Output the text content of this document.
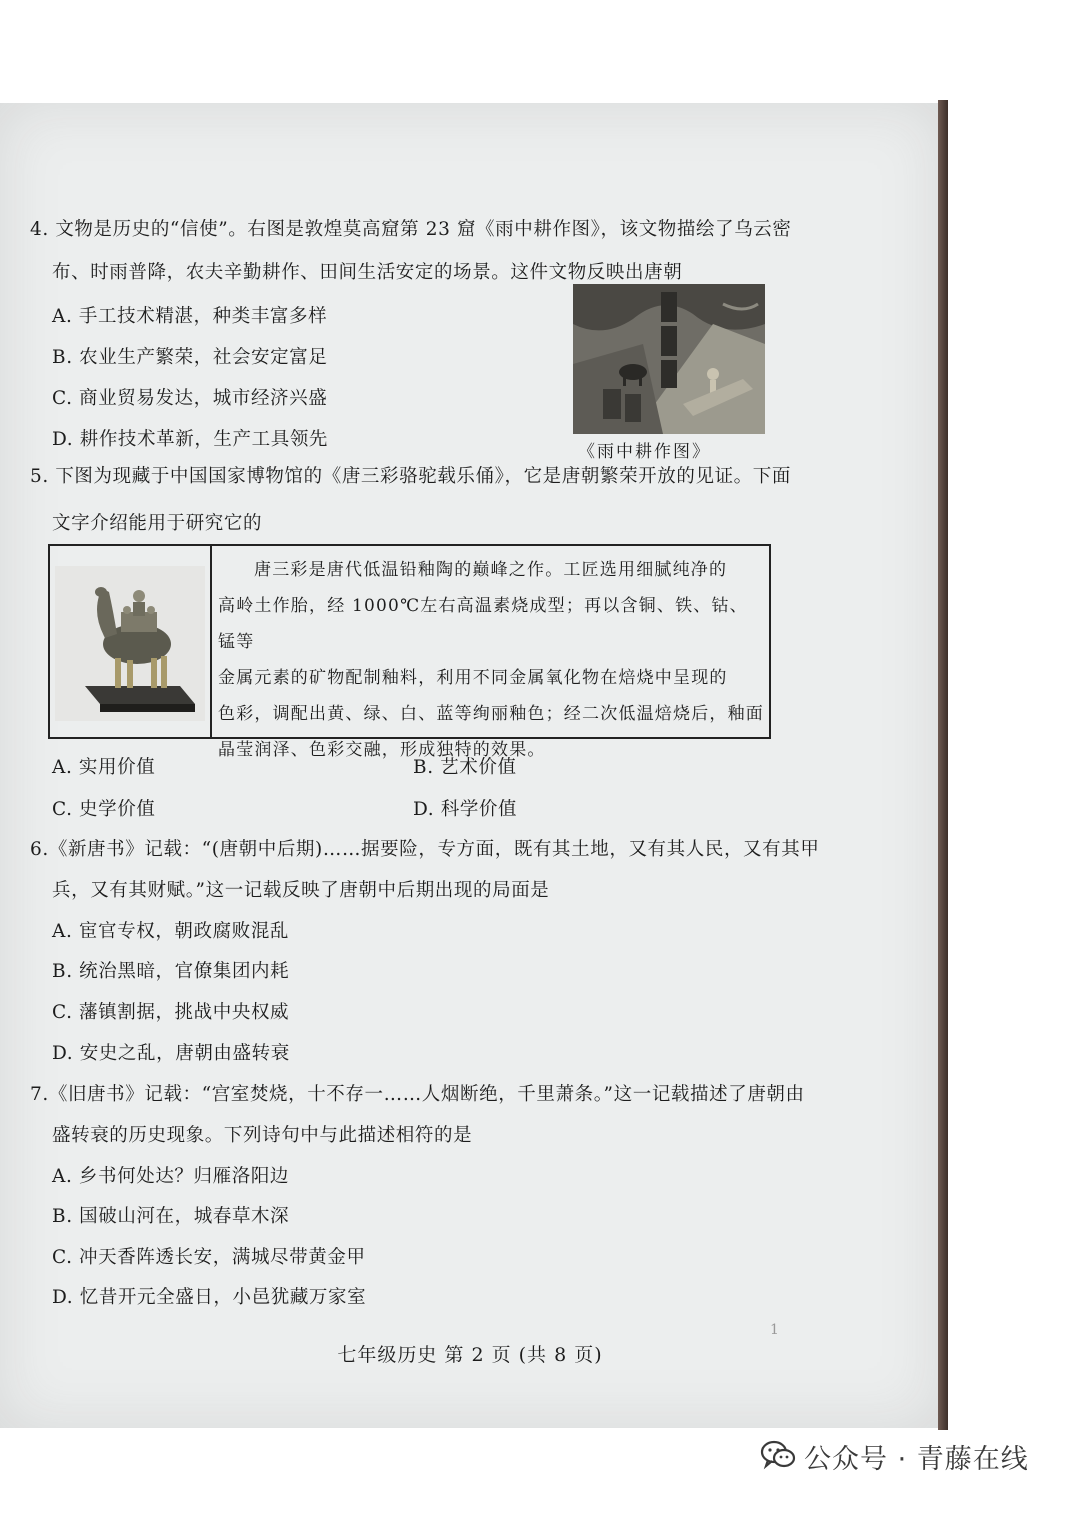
4. 文物是历史的“信使”。右图是敦煌莫高窟第 23 窟《雨中耕作图》，该文物描绘了乌云密
布、时雨普降，农夫辛勤耕作、田间生活安定的场景。这件文物反映出唐朝
A. 手工技术精湛，种类丰富多样
B. 农业生产繁荣，社会安定富足
C. 商业贸易发达，城市经济兴盛
D. 耕作技术革新，生产工具领先
《雨中耕作图》
5. 下图为现藏于中国国家博物馆的《唐三彩骆驼载乐俑》，它是唐朝繁荣开放的见证。下面
文字介绍能用于研究它的
唐三彩是唐代低温铅釉陶的巅峰之作。工匠选用细腻纯净的
高岭土作胎，经 1000℃左右高温素烧成型；再以含铜、铁、钴、锰等
金属元素的矿物配制釉料，利用不同金属氧化物在焙烧中呈现的
色彩，调配出黄、绿、白、蓝等绚丽釉色；经二次低温焙烧后，釉面
晶莹润泽、色彩交融，形成独特的效果。
A. 实用价值	B. 艺术价值
C. 史学价值	D. 科学价值
6.《新唐书》记载：“(唐朝中后期)……据要险，专方面，既有其土地，又有其人民，又有其甲
兵，又有其财赋。”这一记载反映了唐朝中后期出现的局面是
A. 宦官专权，朝政腐败混乱
B. 统治黑暗，官僚集团内耗
C. 藩镇割据，挑战中央权威
D. 安史之乱，唐朝由盛转衰
7.《旧唐书》记载：“宫室焚烧，十不存一……人烟断绝，千里萧条。”这一记载描述了唐朝由
盛转衰的历史现象。下列诗句中与此描述相符的是
A. 乡书何处达？归雁洛阳边
B. 国破山河在，城春草木深
C. 冲天香阵透长安，满城尽带黄金甲
D. 忆昔开元全盛日，小邑犹藏万家室
1
七年级历史 第 2 页 (共 8 页)
公众号 · 青藤在线
